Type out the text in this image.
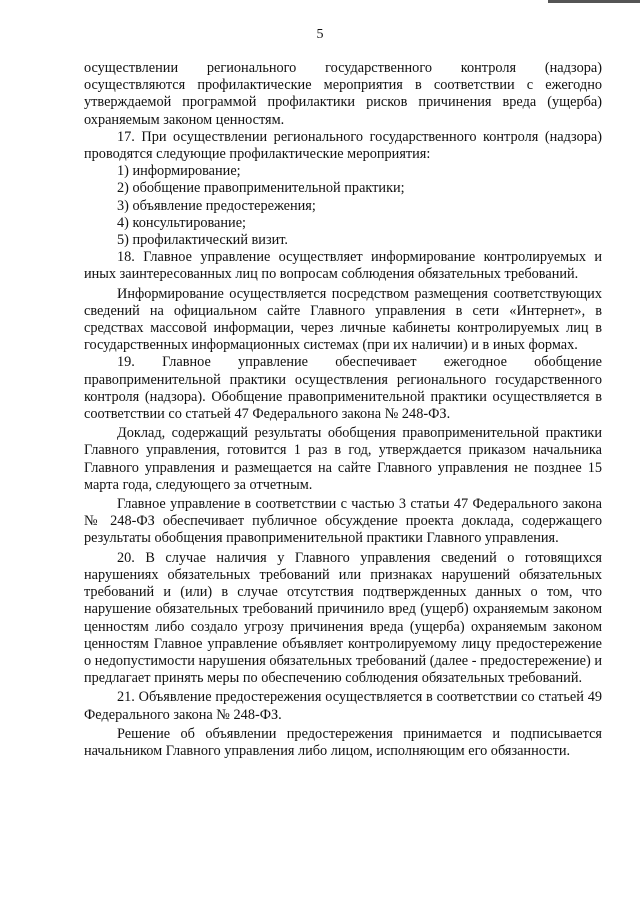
5

осуществлении регионального государственного контроля (надзора) осуществляются профилактические мероприятия в соответствии с ежегодно утверждаемой программой профилактики рисков причинения вреда (ущерба) охраняемым законом ценностям.

17. При осуществлении регионального государственного контроля (надзора) проводятся следующие профилактические мероприятия:

1) информирование;

2) обобщение правоприменительной практики;

3) объявление предостережения;

4) консультирование;

5) профилактический визит.

18. Главное управление осуществляет информирование контролируемых и иных заинтересованных лиц по вопросам соблюдения обязательных требований.

Информирование осуществляется посредством размещения соответствующих сведений на официальном сайте Главного управления в сети «Интернет», в средствах массовой информации, через личные кабинеты контролируемых лиц в государственных информационных системах (при их наличии) и в иных формах.

19. Главное управление обеспечивает ежегодное обобщение правоприменительной практики осуществления регионального государственного контроля (надзора). Обобщение правоприменительной практики осуществляется в соответствии со статьей 47 Федерального закона № 248-ФЗ.

Доклад, содержащий результаты обобщения правоприменительной практики Главного управления, готовится 1 раз в год, утверждается приказом начальника Главного управления и размещается на сайте Главного управления не позднее 15 марта года, следующего за отчетным.

Главное управление в соответствии с частью 3 статьи 47 Федерального закона № 248-ФЗ обеспечивает публичное обсуждение проекта доклада, содержащего результаты обобщения правоприменительной практики Главного управления.

20. В случае наличия у Главного управления сведений о готовящихся нарушениях обязательных требований или признаках нарушений обязательных требований и (или) в случае отсутствия подтвержденных данных о том, что нарушение обязательных требований причинило вред (ущерб) охраняемым законом ценностям либо создало угрозу причинения вреда (ущерба) охраняемым законом ценностям Главное управление объявляет контролируемому лицу предостережение о недопустимости нарушения обязательных требований (далее - предостережение) и предлагает принять меры по обеспечению соблюдения обязательных требований.

21. Объявление предостережения осуществляется в соответствии со статьей 49 Федерального закона № 248-ФЗ.

Решение об объявлении предостережения принимается и подписывается начальником Главного управления либо лицом, исполняющим его обязанности.
